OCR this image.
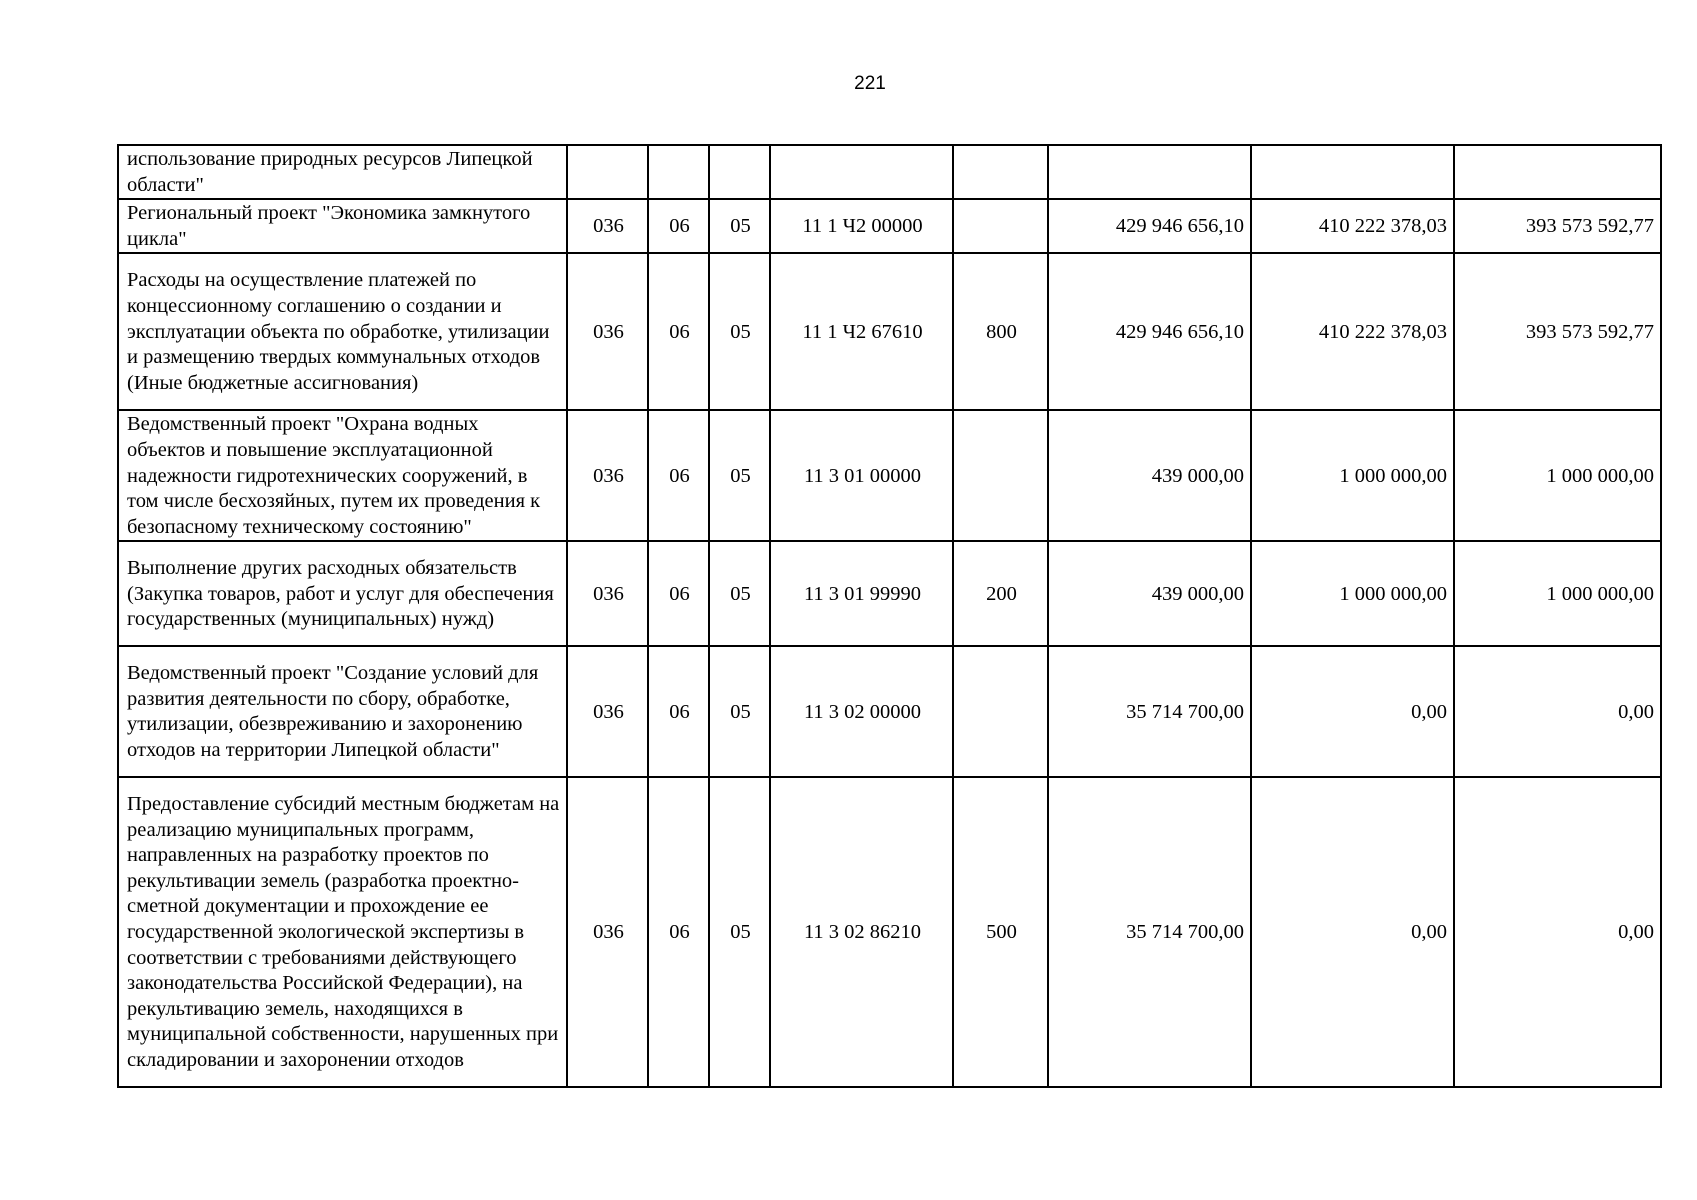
221
использование природных ресурсов Липецкой области"								
Региональный проект "Экономика замкнутого цикла"	036	06	05	11 1 Ч2 00000		429 946 656,10	410 222 378,03	393 573 592,77
Расходы на осуществление платежей по концессионному соглашению о создании и эксплуатации объекта по обработке, утилизации и размещению твердых коммунальных отходов (Иные бюджетные ассигнования)	036	06	05	11 1 Ч2 67610	800	429 946 656,10	410 222 378,03	393 573 592,77
Ведомственный проект "Охрана водных объектов и повышение эксплуатационной надежности гидротехнических сооружений, в том числе бесхозяйных, путем их проведения к безопасному техническому состоянию"	036	06	05	11 3 01 00000		439 000,00	1 000 000,00	1 000 000,00
Выполнение других расходных обязательств (Закупка товаров, работ и услуг для обеспечения государственных (муниципальных) нужд)	036	06	05	11 3 01 99990	200	439 000,00	1 000 000,00	1 000 000,00
Ведомственный проект "Создание условий для развития деятельности по сбору, обработке, утилизации, обезвреживанию и захоронению отходов на территории Липецкой области"	036	06	05	11 3 02 00000		35 714 700,00	0,00	0,00
Предоставление субсидий местным бюджетам на реализацию муниципальных программ, направленных на разработку проектов по рекультивации земель (разработка проектно-сметной документации и прохождение ее государственной экологической экспертизы в соответствии с требованиями действующего законодательства Российской Федерации), на рекультивацию земель, находящихся в муниципальной собственности, нарушенных при складировании и захоронении отходов	036	06	05	11 3 02 86210	500	35 714 700,00	0,00	0,00
